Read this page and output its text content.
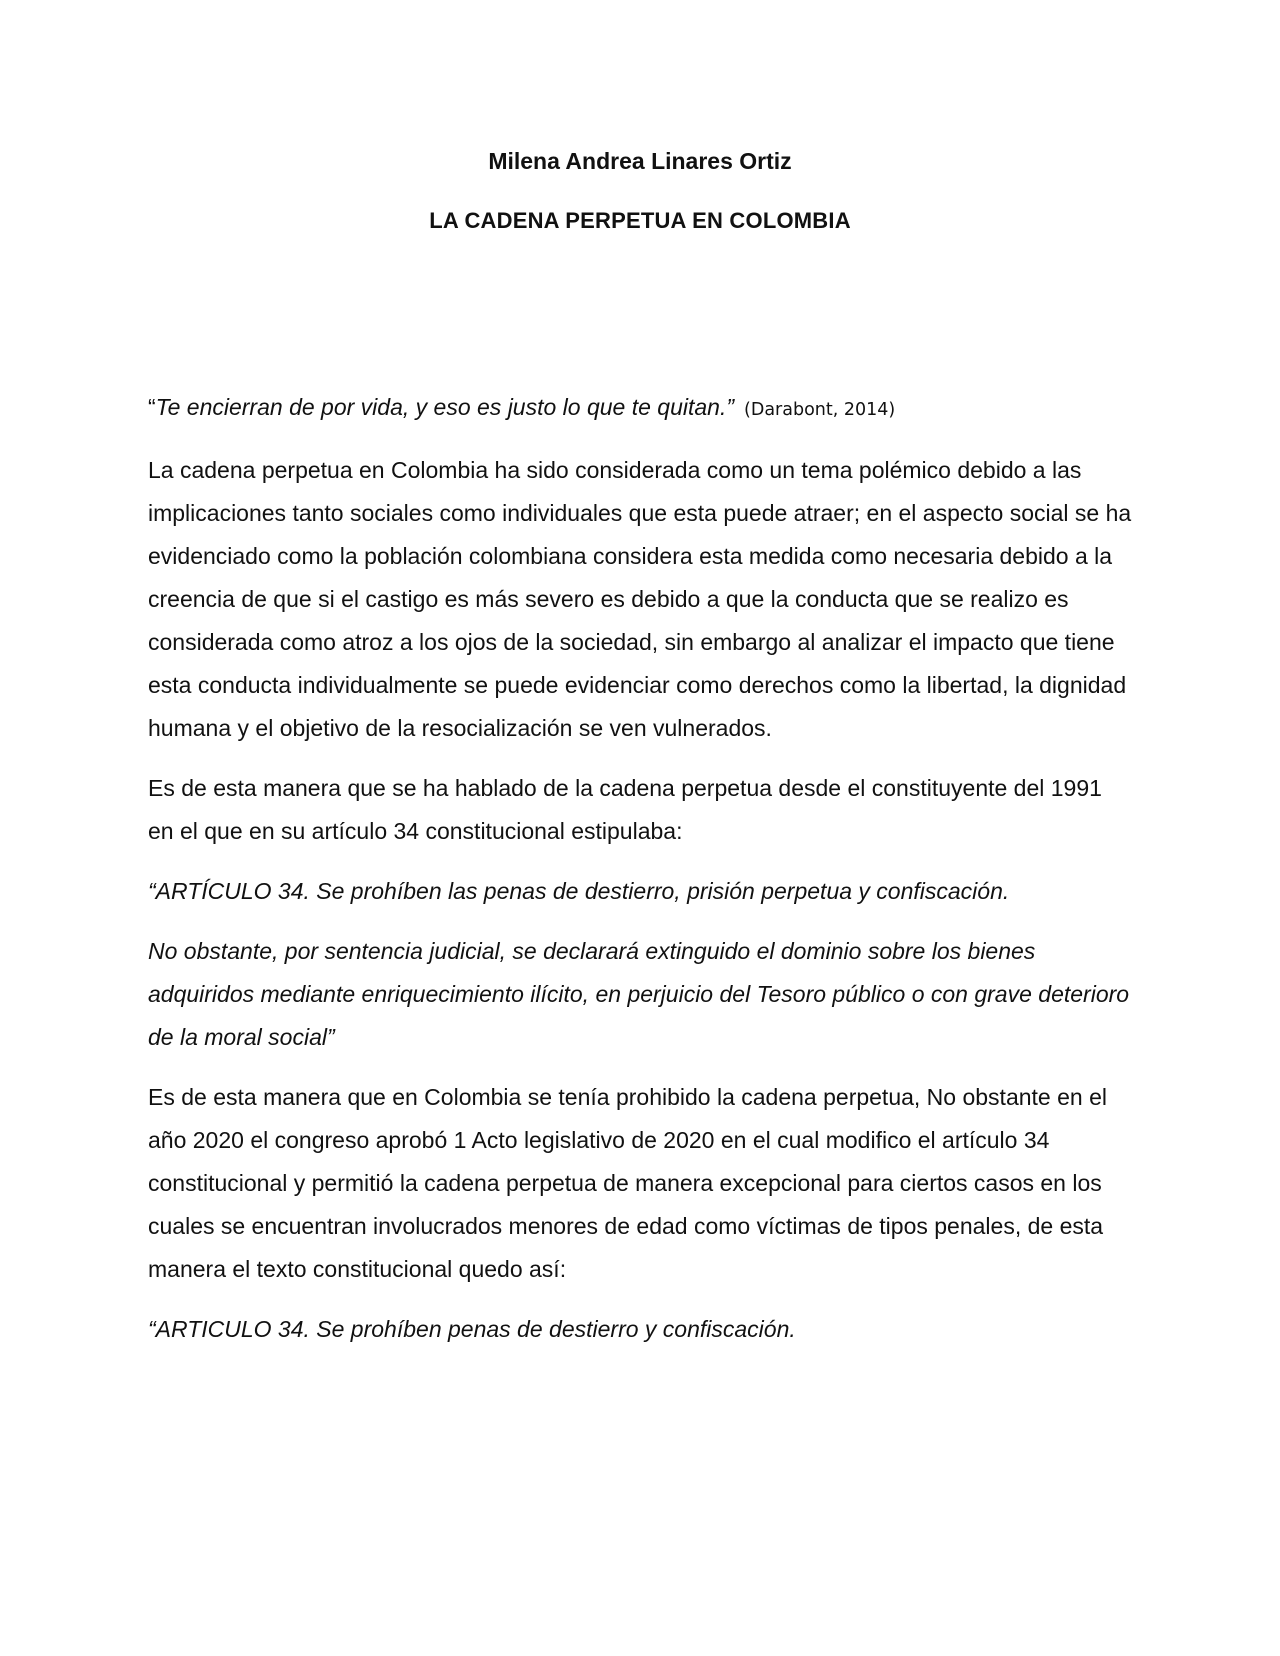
Milena Andrea Linares Ortiz
LA CADENA PERPETUA EN COLOMBIA

“Te encierran de por vida, y eso es justo lo que te quitan.” (Darabont, 2014)

La cadena perpetua en Colombia ha sido considerada como un tema polémico debido a las implicaciones tanto sociales como individuales que esta puede atraer; en el aspecto social se ha evidenciado como la población colombiana considera esta medida como necesaria debido a la creencia de que si el castigo es más severo es debido a que la conducta que se realizo es considerada como atroz a los ojos de la sociedad, sin embargo al analizar el impacto que tiene esta conducta individualmente se puede evidenciar como derechos como la libertad, la dignidad humana y el objetivo de la resocialización se ven vulnerados.

Es de esta manera que se ha hablado de la cadena perpetua desde el constituyente del 1991 en el que en su artículo 34 constitucional estipulaba:

“ARTÍCULO 34. Se prohíben las penas de destierro, prisión perpetua y confiscación.

No obstante, por sentencia judicial, se declarará extinguido el dominio sobre los bienes adquiridos mediante enriquecimiento ilícito, en perjuicio del Tesoro público o con grave deterioro de la moral social”

Es de esta manera que en Colombia se tenía prohibido la cadena perpetua, No obstante en el año 2020 el congreso aprobó 1 Acto legislativo de 2020 en el cual modifico el artículo 34 constitucional y permitió la cadena perpetua de manera excepcional para ciertos casos en los cuales se encuentran involucrados menores de edad como víctimas de tipos penales, de esta manera el texto constitucional quedo así:

“ARTICULO 34. Se prohíben penas de destierro y confiscación.
